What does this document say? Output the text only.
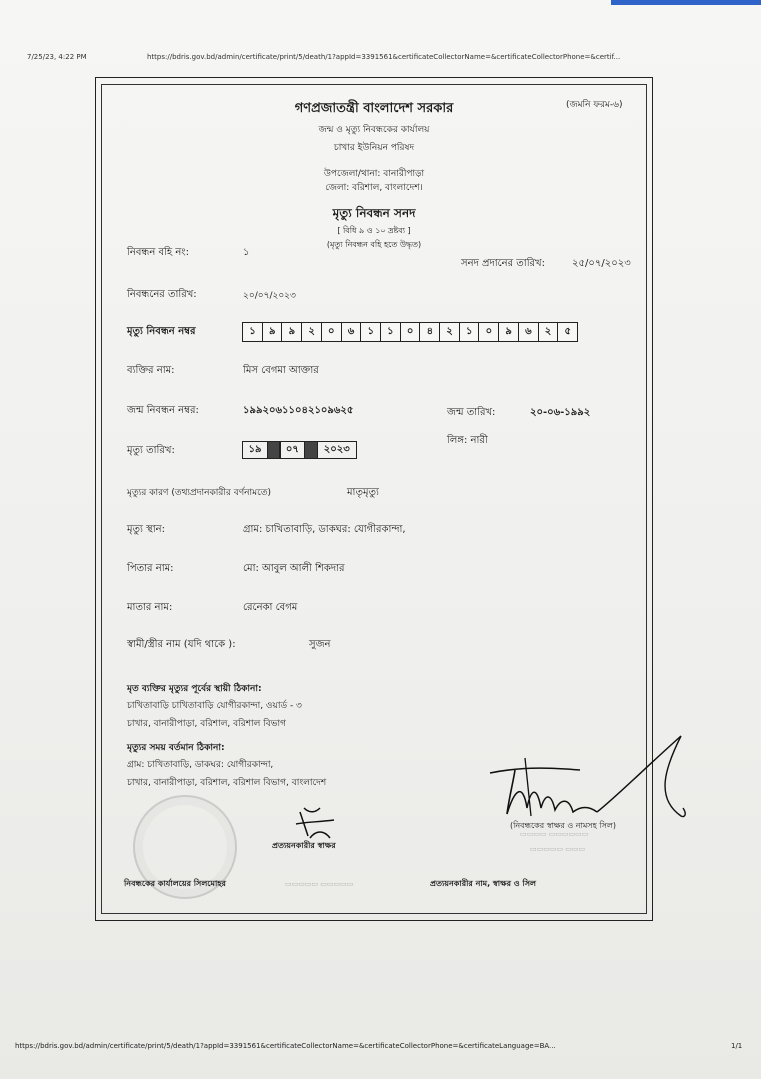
7/25/23, 4:22 PM	https://bdris.gov.bd/admin/certificate/print/5/death/1?appId=3391561&certificateCollectorName=&certificateCollectorPhone=&certif...
গণপ্রজাতন্ত্রী বাংলাদেশ সরকার	(জমনি ফরম-৬)
জন্ম ও মৃত্যু নিবন্ধকের কার্যালয়
চাখার ইউনিয়ন পরিষদ
উপজেলা/থানা: বানারীপাড়া
জেলা: বরিশাল, বাংলাদেশ।
মৃত্যু নিবন্ধন সনদ
[ বিধি ৯ ও ১০ দ্রষ্টব্য ]
(মৃত্যু নিবন্ধন বহি হতে উদ্ধৃত)
নিবন্ধন বহি নং:	১
সনদ প্রদানের তারিখ:	২৫/০৭/২০২৩
নিবন্ধনের তারিখ:	২০/০৭/২০২৩
মৃত্যু নিবন্ধন নম্বর	১	৯	৯	২	০	৬	১	১	০	৪	২	১	০	৯	৬	২	৫
ব্যক্তির নাম:	মিস বেগমা আক্তার
জন্ম নিবন্ধন নম্বর:	১৯৯২০৬১১০৪২১০৯৬২৫	জন্ম তারিখ:	২০-০৬-১৯৯২
মৃত্যু তারিখ:	১৯	০৭	২০২৩
লিঙ্গ: নারী
মৃত্যুর কারণ (তথ্যপ্রদানকারীর বর্ণনামতে)	মাতৃমৃত্যু
মৃত্যু স্থান:	গ্রাম: চাখিতাবাড়ি, ডাকঘর: যোগীরকান্দা,
পিতার নাম:	মো: আবুল আলী শিকদার
মাতার নাম:	রেনেকা বেগম
স্বামী/স্ত্রীর নাম (যদি থাকে ):	সুজন
মৃত ব্যক্তির মৃত্যুর পূর্বের স্থায়ী ঠিকানা:
চাখিতাবাড়ি চাখিতাবাড়ি যোগীরকান্দা, ওয়ার্ড - ৩
চাখার, বানারীপাড়া, বরিশাল, বরিশাল বিভাগ
মৃত্যুর সময় বর্তমান ঠিকানা:
গ্রাম: চাখিতাবাড়ি, ডাকঘর: যোগীরকান্দা,
চাখার, বানারীপাড়া, বরিশাল, বরিশাল বিভাগ, বাংলাদেশ
(নিবন্ধকের স্বাক্ষর ও নামসহ সিল)
প্রত্যয়নকারীর স্বাক্ষর
▭▭▭▭ ▭▭▭▭▭▭
▭▭▭▭▭ ▭▭▭
▭▭▭▭▭ ▭▭▭▭▭
নিবন্ধকের কার্যালয়ের সিলমোহর	প্রত্যয়নকারীর নাম, স্বাক্ষর ও সিল
https://bdris.gov.bd/admin/certificate/print/5/death/1?appId=3391561&certificateCollectorName=&certificateCollectorPhone=&certificateLanguage=BA...	1/1
